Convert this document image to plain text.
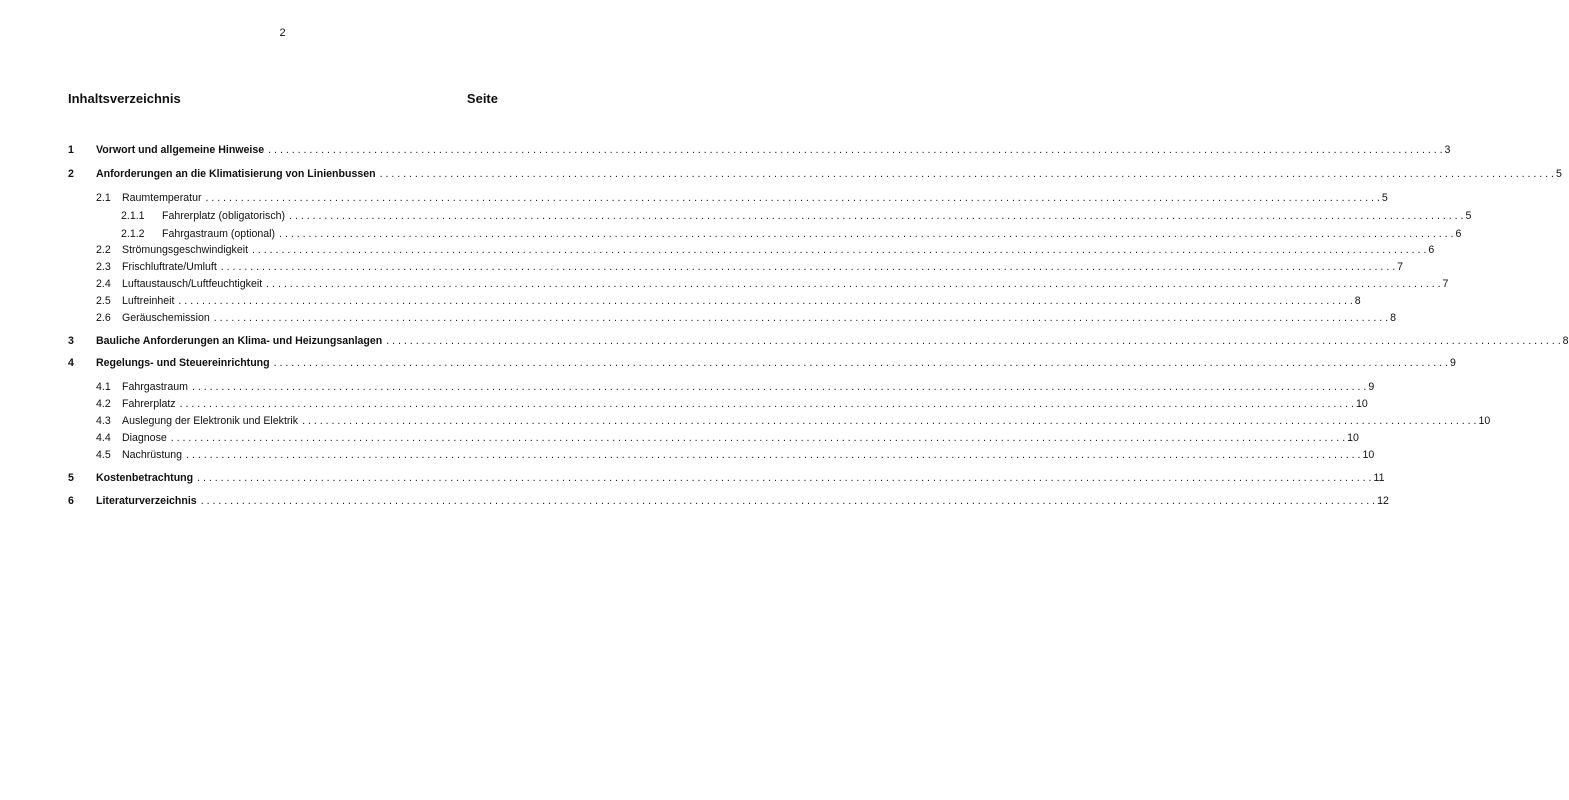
2
Inhaltsverzeichnis	Seite
1 Vorwort und allgemeine Hinweise . . . . . . . . . . . . . . . . . . . . . . . . . . . . . . . . . . . . . . . . . . . . . . . . . . . . . . . . . . . . . . . . . . . . . . . . . . . . . . . . . . . . . . . . . . . . . . . . . . . . . . . . . . . . . . . . . . . . . . . . . . . . . . . . . . . . . . . . . . . . . . . . . . . . . . . . . . . . . . . . . . . . . . . . . . . . . . . . . . . . . . . . . . . . . . . . . . . . . . . . 3
2 Anforderungen an die Klimatisierung von Linienbussen . . . . . . . . . . . . . . . . . . . . . . . . . . . . . . . . . . . . . . . . . . . . . . . . . . . . . . . . . . . . . . . . . . . . . . . . . . . . . . . . . . . . . . . . . . . . . . . . . . . . . . . . . . . . . . . . . . . . . . . . . . . . . . . . . . . . . . . . . . . . . . . . . . . . . . . . . . . . . . . . . . . . . . . . . . . . . . . . . . . . . . . . . . . . . . . . . . . . . . . . 5
2.1 Raumtemperatur . . . . . . . . . . . . . . . . . . . . . . . . . . . . . . . . . . . . . . . . . . . . . . . . . . . . . . . . . . . . . . . . . . . . . . . . . . . . . . . . . . . . . . . . . . . . . . . . . . . . . . . . . . . . . . . . . . . . . . . . . . . . . . . . . . . . . . . . . . . . . . . . . . . . . . . . . . . . . . . . . . . . . . . . . . . . . . . . . . . . . . . . . . . . . . . . . . . . . . . . 5
2.1.1 Fahrerplatz (obligatorisch) . . . . . . . . . . . . . . . . . . . . . . . . . . . . . . . . . . . . . . . . . . . . . . . . . . . . . . . . . . . . . . . . . . . . . . . . . . . . . . . . . . . . . . . . . . . . . . . . . . . . . . . . . . . . . . . . . . . . . . . . . . . . . . . . . . . . . . . . . . . . . . . . . . . . . . . . . . . . . . . . . . . . . . . . . . . . . . . . . . . . . . . . . . . . . . . . . . . . . . . . 5
2.1.2 Fahrgastraum (optional) . . . . . . . . . . . . . . . . . . . . . . . . . . . . . . . . . . . . . . . . . . . . . . . . . . . . . . . . . . . . . . . . . . . . . . . . . . . . . . . . . . . . . . . . . . . . . . . . . . . . . . . . . . . . . . . . . . . . . . . . . . . . . . . . . . . . . . . . . . . . . . . . . . . . . . . . . . . . . . . . . . . . . . . . . . . . . . . . . . . . . . . . . . . . . . . . . . . . . . . . 6
2.2 Strömungsgeschwindigkeit . . . . . . . . . . . . . . . . . . . . . . . . . . . . . . . . . . . . . . . . . . . . . . . . . . . . . . . . . . . . . . . . . . . . . . . . . . . . . . . . . . . . . . . . . . . . . . . . . . . . . . . . . . . . . . . . . . . . . . . . . . . . . . . . . . . . . . . . . . . . . . . . . . . . . . . . . . . . . . . . . . . . . . . . . . . . . . . . . . . . . . . . . . . . . . . . . . . . . . . . 6
2.3 Frischluftrate/Umluft . . . . . . . . . . . . . . . . . . . . . . . . . . . . . . . . . . . . . . . . . . . . . . . . . . . . . . . . . . . . . . . . . . . . . . . . . . . . . . . . . . . . . . . . . . . . . . . . . . . . . . . . . . . . . . . . . . . . . . . . . . . . . . . . . . . . . . . . . . . . . . . . . . . . . . . . . . . . . . . . . . . . . . . . . . . . . . . . . . . . . . . . . . . . . . . . . . . . . . . . 7
2.4 Luftaustausch/Luftfeuchtigkeit . . . . . . . . . . . . . . . . . . . . . . . . . . . . . . . . . . . . . . . . . . . . . . . . . . . . . . . . . . . . . . . . . . . . . . . . . . . . . . . . . . . . . . . . . . . . . . . . . . . . . . . . . . . . . . . . . . . . . . . . . . . . . . . . . . . . . . . . . . . . . . . . . . . . . . . . . . . . . . . . . . . . . . . . . . . . . . . . . . . . . . . . . . . . . . . . . . . . . . . . 7
2.5 Luftreinheit . . . . . . . . . . . . . . . . . . . . . . . . . . . . . . . . . . . . . . . . . . . . . . . . . . . . . . . . . . . . . . . . . . . . . . . . . . . . . . . . . . . . . . . . . . . . . . . . . . . . . . . . . . . . . . . . . . . . . . . . . . . . . . . . . . . . . . . . . . . . . . . . . . . . . . . . . . . . . . . . . . . . . . . . . . . . . . . . . . . . . . . . . . . . . . . . . . . . . . . . 8
2.6 Geräuschemission . . . . . . . . . . . . . . . . . . . . . . . . . . . . . . . . . . . . . . . . . . . . . . . . . . . . . . . . . . . . . . . . . . . . . . . . . . . . . . . . . . . . . . . . . . . . . . . . . . . . . . . . . . . . . . . . . . . . . . . . . . . . . . . . . . . . . . . . . . . . . . . . . . . . . . . . . . . . . . . . . . . . . . . . . . . . . . . . . . . . . . . . . . . . . . . . . . . . . . . . 8
3 Bauliche Anforderungen an Klima- und Heizungsanlagen . . . . . . . . . . . . . . . . . . . . . . . . . . . . . . . . . . . . . . . . . . . . . . . . . . . . . . . . . . . . . . . . . . . . . . . . . . . . . . . . . . . . . . . . . . . . . . . . . . . . . . . . . . . . . . . . . . . . . . . . . . . . . . . . . . . . . . . . . . . . . . . . . . . . . . . . . . . . . . . . . . . . . . . . . . . . . . . . . . . . . . . . . . . . . . . . . . . . . . . . 8
4 Regelungs- und Steuereinrichtung . . . . . . . . . . . . . . . . . . . . . . . . . . . . . . . . . . . . . . . . . . . . . . . . . . . . . . . . . . . . . . . . . . . . . . . . . . . . . . . . . . . . . . . . . . . . . . . . . . . . . . . . . . . . . . . . . . . . . . . . . . . . . . . . . . . . . . . . . . . . . . . . . . . . . . . . . . . . . . . . . . . . . . . . . . . . . . . . . . . . . . . . . . . . . . . . . . . . . . . . 9
4.1 Fahrgastraum . . . . . . . . . . . . . . . . . . . . . . . . . . . . . . . . . . . . . . . . . . . . . . . . . . . . . . . . . . . . . . . . . . . . . . . . . . . . . . . . . . . . . . . . . . . . . . . . . . . . . . . . . . . . . . . . . . . . . . . . . . . . . . . . . . . . . . . . . . . . . . . . . . . . . . . . . . . . . . . . . . . . . . . . . . . . . . . . . . . . . . . . . . . . . . . . . . . . . . . . 9
4.2 Fahrerplatz . . . . . . . . . . . . . . . . . . . . . . . . . . . . . . . . . . . . . . . . . . . . . . . . . . . . . . . . . . . . . . . . . . . . . . . . . . . . . . . . . . . . . . . . . . . . . . . . . . . . . . . . . . . . . . . . . . . . . . . . . . . . . . . . . . . . . . . . . . . . . . . . . . . . . . . . . . . . . . . . . . . . . . . . . . . . . . . . . . . . . . . . . . . . . . . . . . . . . . . . 10
4.3 Auslegung der Elektronik und Elektrik . . . . . . . . . . . . . . . . . . . . . . . . . . . . . . . . . . . . . . . . . . . . . . . . . . . . . . . . . . . . . . . . . . . . . . . . . . . . . . . . . . . . . . . . . . . . . . . . . . . . . . . . . . . . . . . . . . . . . . . . . . . . . . . . . . . . . . . . . . . . . . . . . . . . . . . . . . . . . . . . . . . . . . . . . . . . . . . . . . . . . . . . . . . . . . . . . . . . . . . . 10
4.4 Diagnose . . . . . . . . . . . . . . . . . . . . . . . . . . . . . . . . . . . . . . . . . . . . . . . . . . . . . . . . . . . . . . . . . . . . . . . . . . . . . . . . . . . . . . . . . . . . . . . . . . . . . . . . . . . . . . . . . . . . . . . . . . . . . . . . . . . . . . . . . . . . . . . . . . . . . . . . . . . . . . . . . . . . . . . . . . . . . . . . . . . . . . . . . . . . . . . . . . . . . . . . 10
4.5 Nachrüstung . . . . . . . . . . . . . . . . . . . . . . . . . . . . . . . . . . . . . . . . . . . . . . . . . . . . . . . . . . . . . . . . . . . . . . . . . . . . . . . . . . . . . . . . . . . . . . . . . . . . . . . . . . . . . . . . . . . . . . . . . . . . . . . . . . . . . . . . . . . . . . . . . . . . . . . . . . . . . . . . . . . . . . . . . . . . . . . . . . . . . . . . . . . . . . . . . . . . . . . . 10
5 Kostenbetrachtung . . . . . . . . . . . . . . . . . . . . . . . . . . . . . . . . . . . . . . . . . . . . . . . . . . . . . . . . . . . . . . . . . . . . . . . . . . . . . . . . . . . . . . . . . . . . . . . . . . . . . . . . . . . . . . . . . . . . . . . . . . . . . . . . . . . . . . . . . . . . . . . . . . . . . . . . . . . . . . . . . . . . . . . . . . . . . . . . . . . . . . . . . . . . . . . . . . . . . . . . 11
6 Literaturverzeichnis . . . . . . . . . . . . . . . . . . . . . . . . . . . . . . . . . . . . . . . . . . . . . . . . . . . . . . . . . . . . . . . . . . . . . . . . . . . . . . . . . . . . . . . . . . . . . . . . . . . . . . . . . . . . . . . . . . . . . . . . . . . . . . . . . . . . . . . . . . . . . . . . . . . . . . . . . . . . . . . . . . . . . . . . . . . . . . . . . . . . . . . . . . . . . . . . . . . . . . . . 12
